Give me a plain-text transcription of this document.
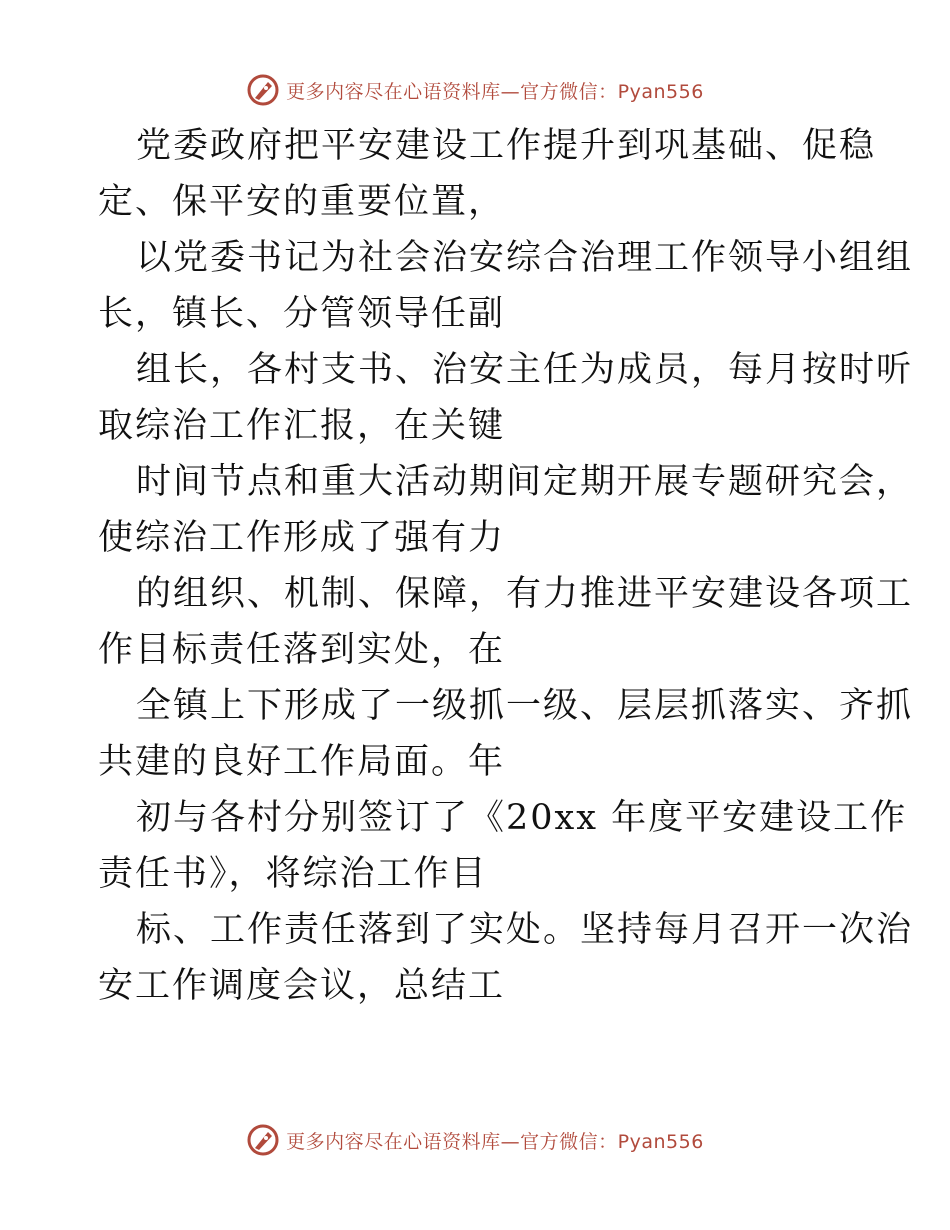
更多内容尽在心语资料库—官方微信：Pyan556
党委政府把平安建设工作提升到巩基础、促稳
定、保平安的重要位置，
以党委书记为社会治安综合治理工作领导小组组
长，镇长、分管领导任副
组长，各村支书、治安主任为成员，每月按时听
取综治工作汇报，在关键
时间节点和重大活动期间定期开展专题研究会，
使综治工作形成了强有力
的组织、机制、保障，有力推进平安建设各项工
作目标责任落到实处，在
全镇上下形成了一级抓一级、层层抓落实、齐抓
共建的良好工作局面。年
初与各村分别签订了《20xx 年度平安建设工作
责任书》，将综治工作目
标、工作责任落到了实处。坚持每月召开一次治
安工作调度会议，总结工
更多内容尽在心语资料库—官方微信：Pyan556
